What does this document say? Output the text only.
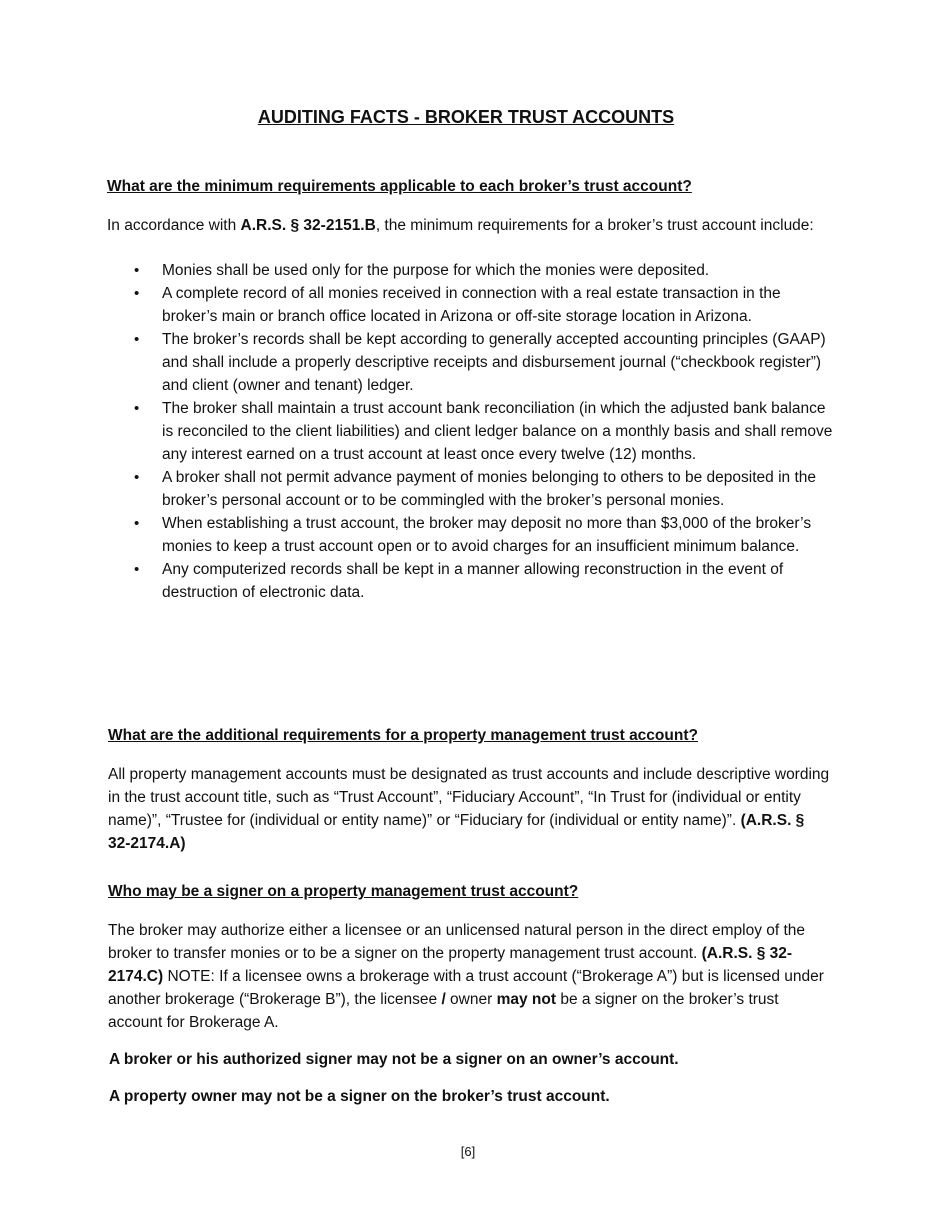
AUDITING FACTS - BROKER TRUST ACCOUNTS

What are the minimum requirements applicable to each broker’s trust account?

In accordance with A.R.S. § 32-2151.B, the minimum requirements for a broker’s trust account include:

• Monies shall be used only for the purpose for which the monies were deposited.
• A complete record of all monies received in connection with a real estate transaction in the broker’s main or branch office located in Arizona or off-site storage location in Arizona.
• The broker’s records shall be kept according to generally accepted accounting principles (GAAP) and shall include a properly descriptive receipts and disbursement journal (“checkbook register”) and client (owner and tenant) ledger.
• The broker shall maintain a trust account bank reconciliation (in which the adjusted bank balance is reconciled to the client liabilities) and client ledger balance on a monthly basis and shall remove any interest earned on a trust account at least once every twelve (12) months.
• A broker shall not permit advance payment of monies belonging to others to be deposited in the broker’s personal account or to be commingled with the broker’s personal monies.
• When establishing a trust account, the broker may deposit no more than $3,000 of the broker’s monies to keep a trust account open or to avoid charges for an insufficient minimum balance.
• Any computerized records shall be kept in a manner allowing reconstruction in the event of destruction of electronic data.

What are the additional requirements for a property management trust account?

All property management accounts must be designated as trust accounts and include descriptive wording in the trust account title, such as “Trust Account”, “Fiduciary Account”, “In Trust for (individual or entity name)”, “Trustee for (individual or entity name)” or “Fiduciary for (individual or entity name)”. (A.R.S. § 32-2174.A)

Who may be a signer on a property management trust account?

The broker may authorize either a licensee or an unlicensed natural person in the direct employ of the broker to transfer monies or to be a signer on the property management trust account. (A.R.S. § 32-2174.C) NOTE: If a licensee owns a brokerage with a trust account (“Brokerage A”) but is licensed under another brokerage (“Brokerage B”), the licensee / owner may not be a signer on the broker’s trust account for Brokerage A.

A broker or his authorized signer may not be a signer on an owner’s account.

A property owner may not be a signer on the broker’s trust account.

[6]
